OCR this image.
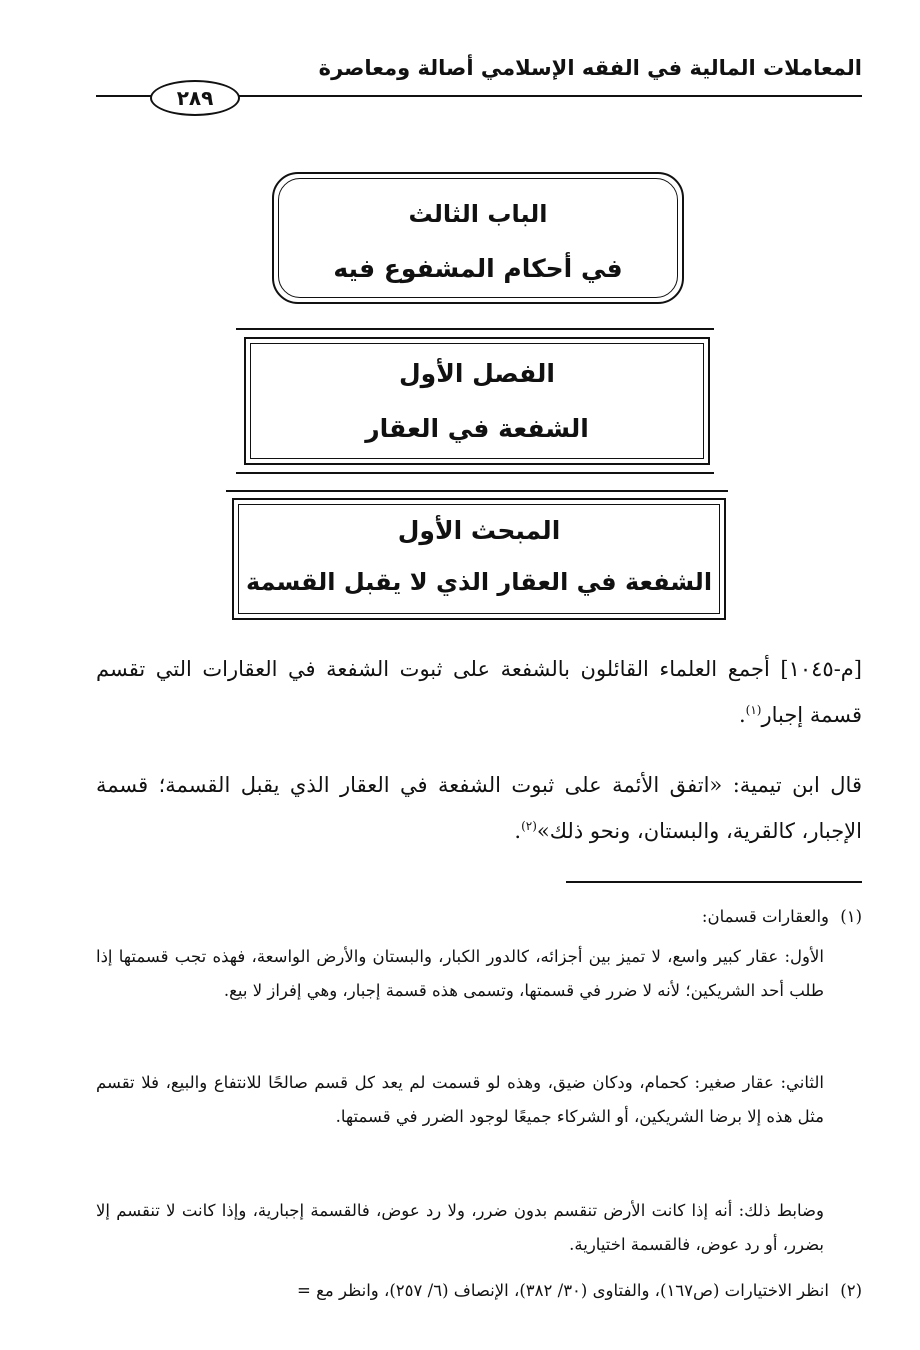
المعاملات المالية في الفقه الإسلامي أصالة ومعاصرة
٢٨٩
الباب الثالث
في أحكام المشفوع فيه
الفصل الأول
الشفعة في العقار
المبحث الأول
الشفعة في العقار الذي لا يقبل القسمة
[م-١٠٤٥] أجمع العلماء القائلون بالشفعة على ثبوت الشفعة في العقارات التي تقسم قسمة إجبار$^{(١)}$.
قال ابن تيمية: «اتفق الأئمة على ثبوت الشفعة في العقار الذي يقبل القسمة؛ قسمة الإجبار، كالقرية، والبستان، ونحو ذلك»$^{(٢)}$.
(١) والعقارات قسمان:
الأول: عقار كبير واسع، لا تميز بين أجزائه، كالدور الكبار، والبستان والأرض الواسعة، فهذه تجب قسمتها إذا طلب أحد الشريكين؛ لأنه لا ضرر في قسمتها، وتسمى هذه قسمة إجبار، وهي إفراز لا بيع.
الثاني: عقار صغير: كحمام، ودكان ضيق، وهذه لو قسمت لم يعد كل قسم صالحًا للانتفاع والبيع، فلا تقسم مثل هذه إلا برضا الشريكين، أو الشركاء جميعًا لوجود الضرر في قسمتها.
وضابط ذلك: أنه إذا كانت الأرض تنقسم بدون ضرر، ولا رد عوض، فالقسمة إجبارية، وإذا كانت لا تنقسم إلا بضرر، أو رد عوض، فالقسمة اختيارية.
(٢) انظر الاختيارات (ص١٦٧)، والفتاوى (٣٠/ ٣٨٢)، الإنصاف (٦/ ٢٥٧)، وانظر مع =
